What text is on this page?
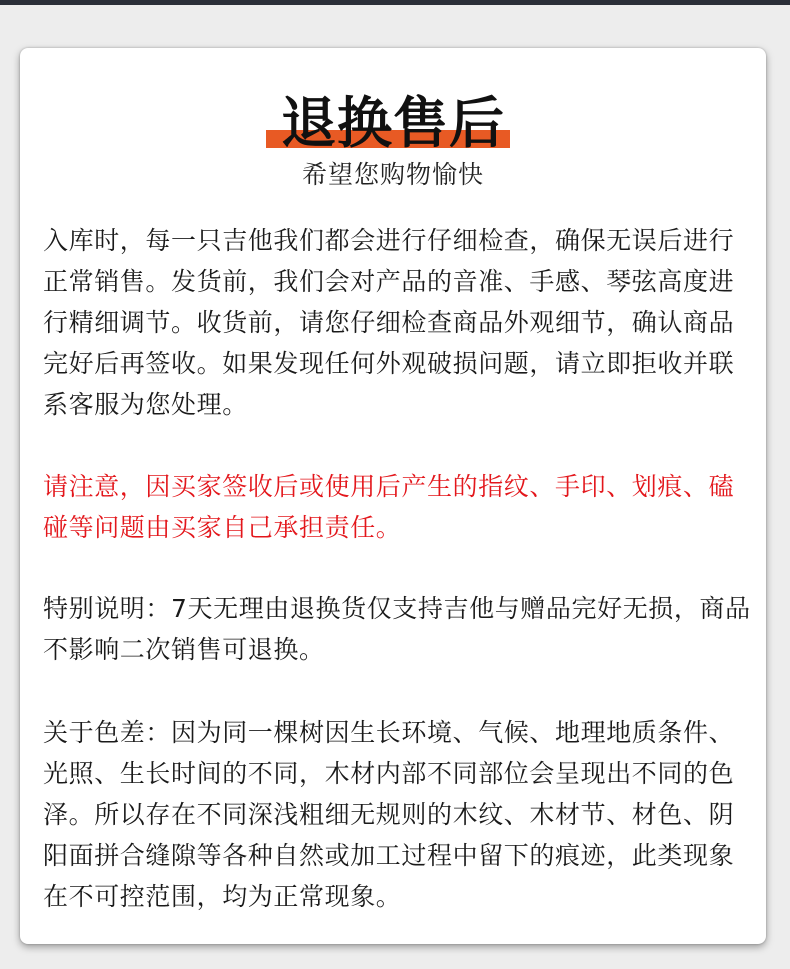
退换售后
希望您购物愉快

入库时，每一只吉他我们都会进行仔细检查，确保无误后进行正常销售。发货前，我们会对产品的音准、手感、琴弦高度进行精细调节。收货前，请您仔细检查商品外观细节，确认商品完好后再签收。如果发现任何外观破损问题，请立即拒收并联系客服为您处理。

请注意，因买家签收后或使用后产生的指纹、手印、划痕、磕碰等问题由买家自己承担责任。

特别说明：7天无理由退换货仅支持吉他与赠品完好无损，商品不影响二次销售可退换。

关于色差：因为同一棵树因生长环境、气候、地理地质条件、光照、生长时间的不同，木材内部不同部位会呈现出不同的色泽。所以存在不同深浅粗细无规则的木纹、木材节、材色、阴阳面拼合缝隙等各种自然或加工过程中留下的痕迹，此类现象在不可控范围，均为正常现象。
